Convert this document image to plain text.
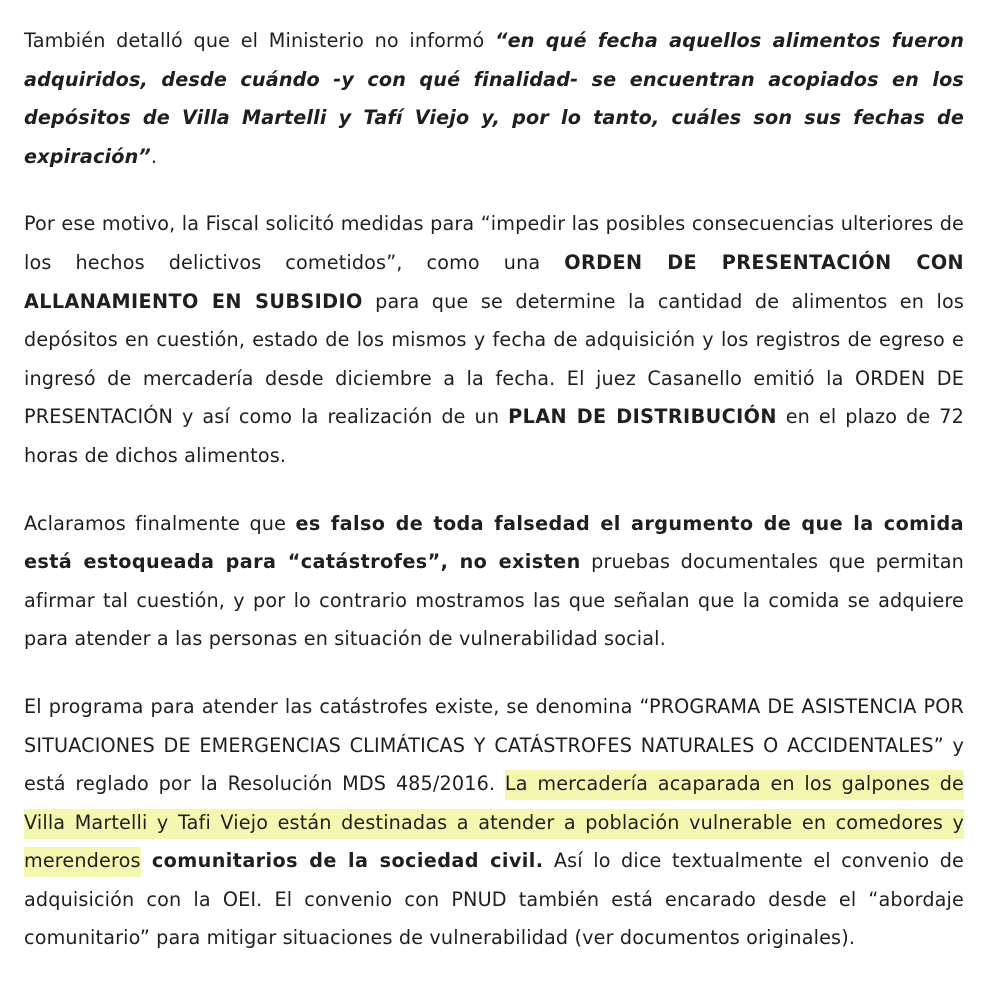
También detalló que el Ministerio no informó “en qué fecha aquellos alimentos fueron adquiridos, desde cuándo -y con qué finalidad- se encuentran acopiados en los depósitos de Villa Martelli y Tafí Viejo y, por lo tanto, cuáles son sus fechas de expiración”.

Por ese motivo, la Fiscal solicitó medidas para “impedir las posibles consecuencias ulteriores de los hechos delictivos cometidos”, como una ORDEN DE PRESENTACIÓN CON ALLANAMIENTO EN SUBSIDIO para que se determine la cantidad de alimentos en los depósitos en cuestión, estado de los mismos y fecha de adquisición y los registros de egreso e ingresó de mercadería desde diciembre a la fecha. El juez Casanello emitió la ORDEN DE PRESENTACIÓN y así como la realización de un PLAN DE DISTRIBUCIÓN en el plazo de 72 horas de dichos alimentos.

Aclaramos finalmente que es falso de toda falsedad el argumento de que la comida está estoqueada para “catástrofes”, no existen pruebas documentales que permitan afirmar tal cuestión, y por lo contrario mostramos las que señalan que la comida se adquiere para atender a las personas en situación de vulnerabilidad social.

El programa para atender las catástrofes existe, se denomina “PROGRAMA DE ASISTENCIA POR SITUACIONES DE EMERGENCIAS CLIMÁTICAS Y CATÁSTROFES NATURALES O ACCIDENTALES” y está reglado por la Resolución MDS 485/2016. La mercadería acaparada en los galpones de Villa Martelli y Tafi Viejo están destinadas a atender a población vulnerable en comedores y merenderos comunitarios de la sociedad civil. Así lo dice textualmente el convenio de adquisición con la OEI. El convenio con PNUD también está encarado desde el “abordaje comunitario” para mitigar situaciones de vulnerabilidad (ver documentos originales).
